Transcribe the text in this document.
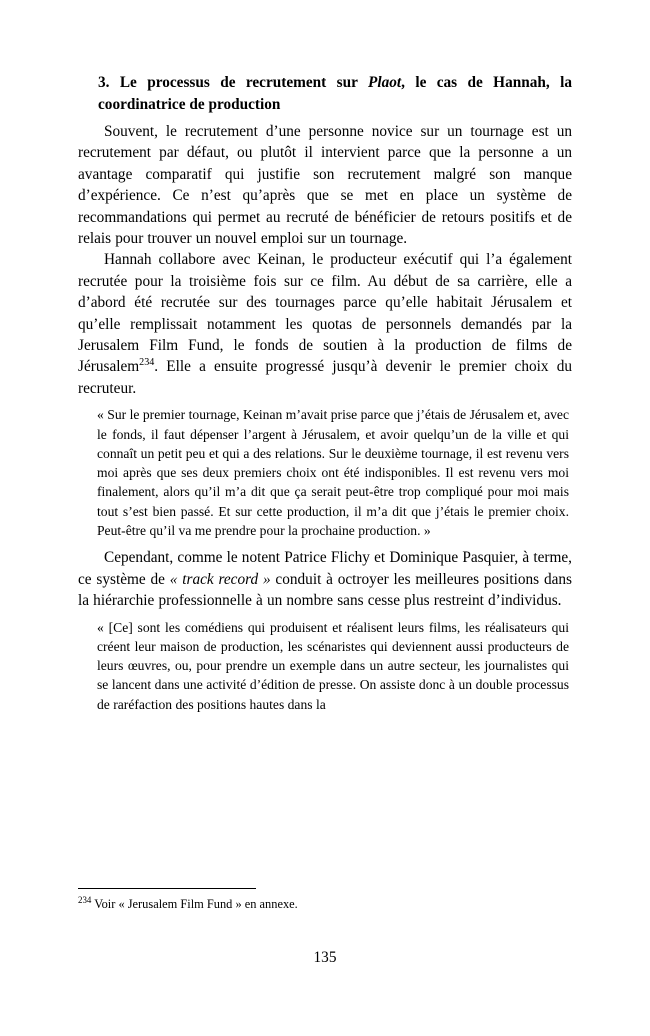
3. Le processus de recrutement sur Plaot, le cas de Hannah, la coordinatrice de production

Souvent, le recrutement d’une personne novice sur un tournage est un recrutement par défaut, ou plutôt il intervient parce que la personne a un avantage comparatif qui justifie son recrutement malgré son manque d’expérience. Ce n’est qu’après que se met en place un système de recommandations qui permet au recruté de bénéficier de retours positifs et de relais pour trouver un nouvel emploi sur un tournage.

Hannah collabore avec Keinan, le producteur exécutif qui l’a également recrutée pour la troisième fois sur ce film. Au début de sa carrière, elle a d’abord été recrutée sur des tournages parce qu’elle habitait Jérusalem et qu’elle remplissait notamment les quotas de personnels demandés par la Jerusalem Film Fund, le fonds de soutien à la production de films de Jérusalem$^{234}$. Elle a ensuite progressé jusqu’à devenir le premier choix du recruteur.

« Sur le premier tournage, Keinan m’avait prise parce que j’étais de Jérusalem et, avec le fonds, il faut dépenser l’argent à Jérusalem, et avoir quelqu’un de la ville et qui connaît un petit peu et qui a des relations. Sur le deuxième tournage, il est revenu vers moi après que ses deux premiers choix ont été indisponibles. Il est revenu vers moi finalement, alors qu’il m’a dit que ça serait peut-être trop compliqué pour moi mais tout s’est bien passé. Et sur cette production, il m’a dit que j’étais le premier choix. Peut-être qu’il va me prendre pour la prochaine production. »

Cependant, comme le notent Patrice Flichy et Dominique Pasquier, à terme, ce système de « track record » conduit à octroyer les meilleures positions dans la hiérarchie professionnelle à un nombre sans cesse plus restreint d’individus.

« [Ce] sont les comédiens qui produisent et réalisent leurs films, les réalisateurs qui créent leur maison de production, les scénaristes qui deviennent aussi producteurs de leurs œuvres, ou, pour prendre un exemple dans un autre secteur, les journalistes qui se lancent dans une activité d’édition de presse. On assiste donc à un double processus de raréfaction des positions hautes dans la

$^{234}$ Voir « Jerusalem Film Fund » en annexe.

135
